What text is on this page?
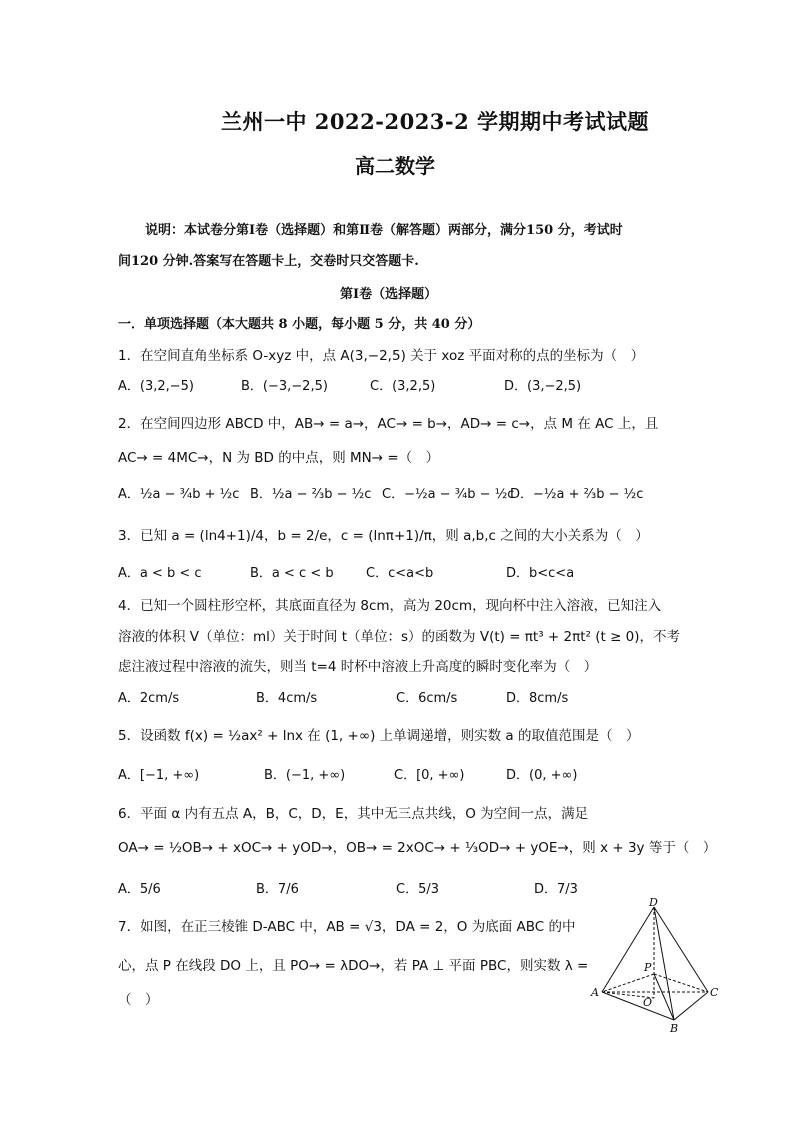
兰州一中 2022-2023-2 学期期中考试试题
高二数学
说明：本试卷分第Ⅰ卷（选择题）和第Ⅱ卷（解答题）两部分，满分150 分，考试时
间120 分钟.答案写在答题卡上，交卷时只交答题卡.
第Ⅰ卷（选择题）
一．单项选择题（本大题共 8 小题，每小题 5 分，共 40 分）
1．在空间直角坐标系 O-xyz 中，点 A(3,−2,5) 关于 xoz 平面对称的点的坐标为（　）
A．(3,2,−5)	B．(−3,−2,5)	C．(3,2,5)	D．(3,−2,5)
2．在空间四边形 ABCD 中，AB→ = a→，AC→ = b→，AD→ = c→，点 M 在 AC 上，且
AC→ = 4MC→，N 为 BD 的中点，则 MN→ =（　）
A．½a − ¾b + ½c B．½a − ⅔b − ½c C．−½a − ¾b − ½c
D．−½a + ⅔b − ½c
3．已知 a = (ln4+1)/4，b = 2/e，c = (lnπ+1)/π，则 a,b,c 之间的大小关系为（　）
A．a < b < c	B．a < c < b C．c<a<b	D．b<c<a
4．已知一个圆柱形空杯，其底面直径为 8cm，高为 20cm，现向杯中注入溶液，已知注入
溶液的体积 V（单位：ml）关于时间 t（单位：s）的函数为 V(t) = πt³ + 2πt² (t ≥ 0)，不考
虑注液过程中溶液的流失，则当 t=4 时杯中溶液上升高度的瞬时变化率为（　）
A．2cm/s	B．4cm/s	C．6cm/s	D．8cm/s
5．设函数 f(x) = ½ax² + lnx 在 (1, +∞) 上单调递增，则实数 a 的取值范围是（　）
A．[−1, +∞)	B．(−1, +∞)	C．[0, +∞)	D．(0, +∞)
6．平面 α 内有五点 A，B，C，D，E，其中无三点共线，O 为空间一点，满足
OA→ = ½OB→ + xOC→ + yOD→，OB→ = 2xOC→ + ⅓OD→ + yOE→，则 x + 3y 等于（　）
A．5/6	B．7/6	C．5/3	D．7/3
7．如图，在正三棱锥 D-ABC 中，AB = √3，DA = 2，O 为底面 ABC 的中
心，点 P 在线段 DO 上，且 PO→ = λDO→，若 PA ⊥ 平面 PBC，则实数 λ =
（　）
D
A
B
C
P
O
